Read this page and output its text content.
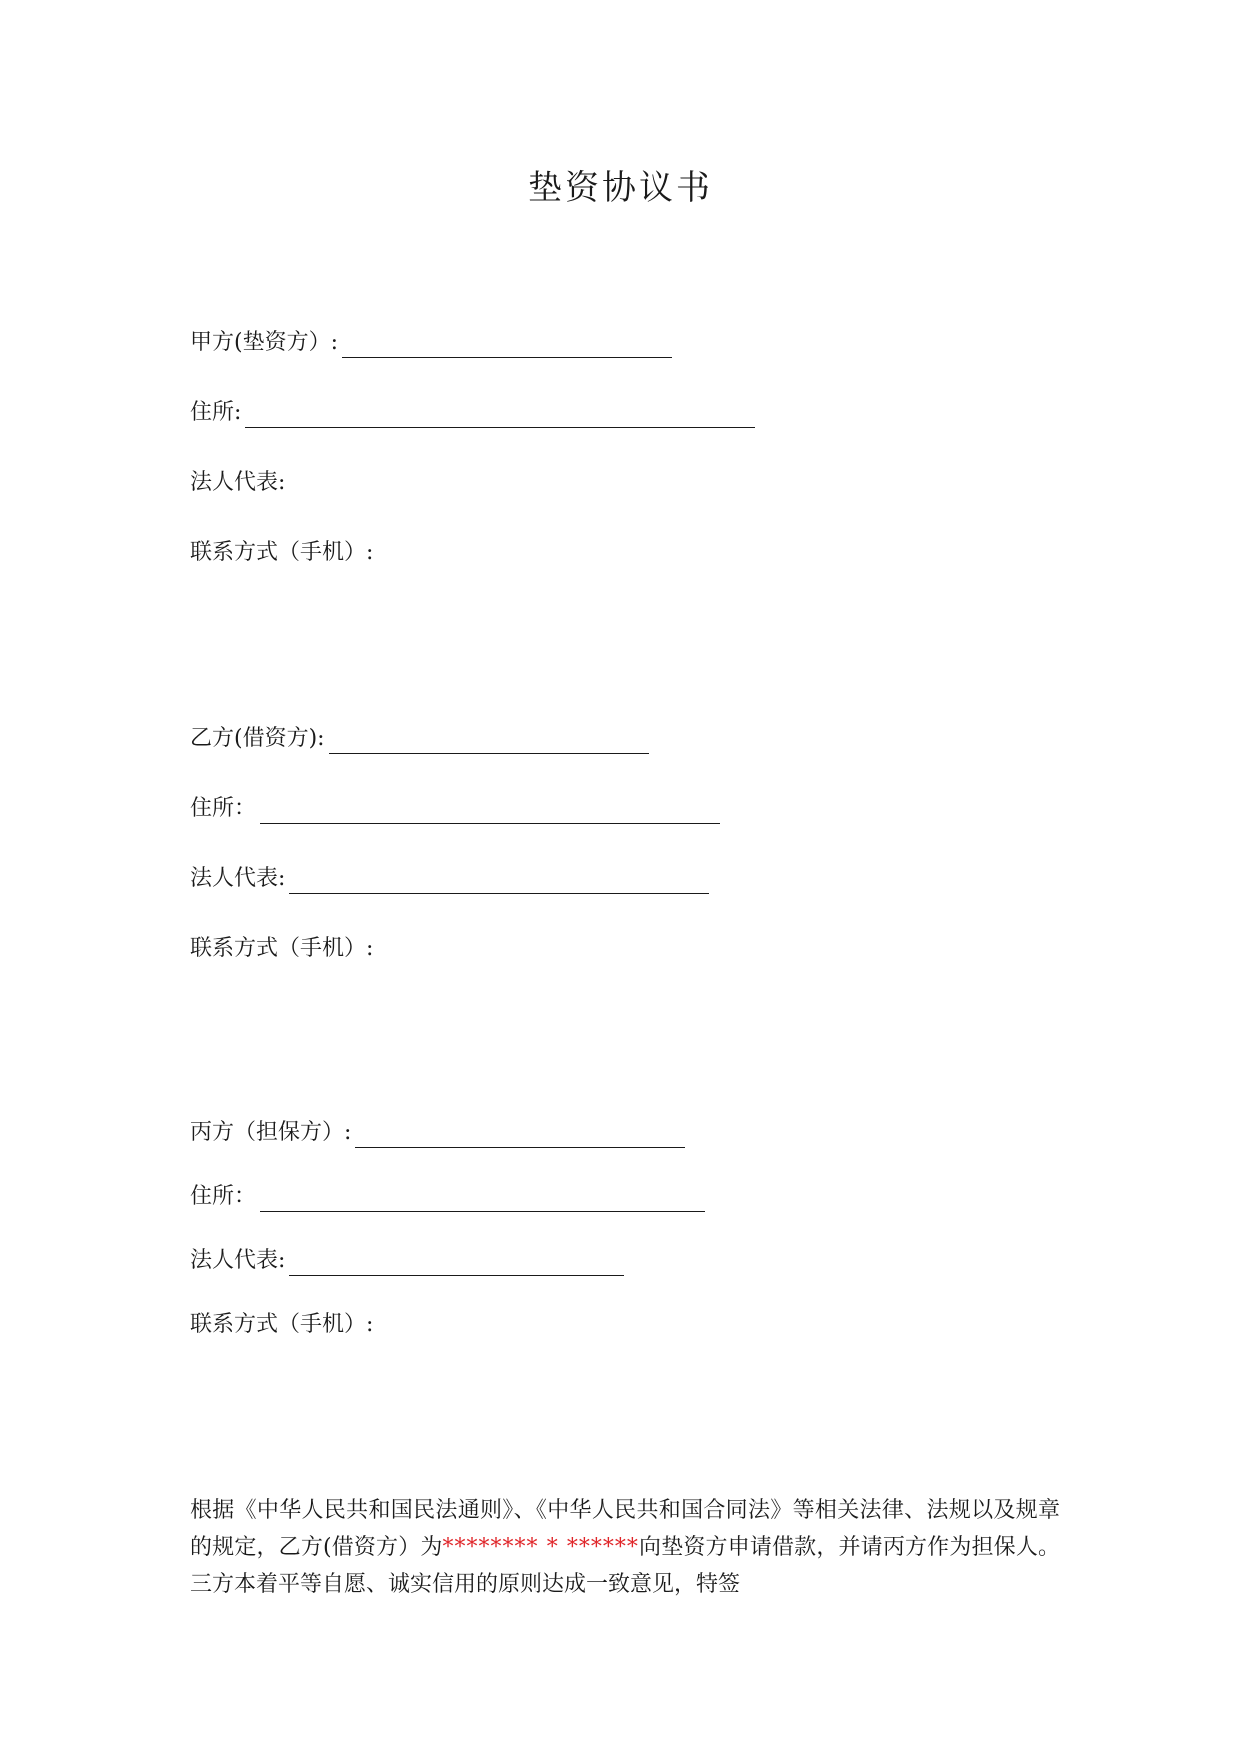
垫资协议书
甲方(垫资方）:
住所:
法人代表:
联系方式（手机）:
乙方(借资方):
住所：
法人代表:
联系方式（手机）:
丙方（担保方）:
住所：
法人代表:
联系方式（手机）:
根据《中华人民共和国民法通则》、《中华人民共和国合同法》等相关法律、法规以及规章的规定，乙方(借资方）为******** * ******向垫资方申请借款，并请丙方作为担保人。三方本着平等自愿、诚实信用的原则达成一致意见，特签
